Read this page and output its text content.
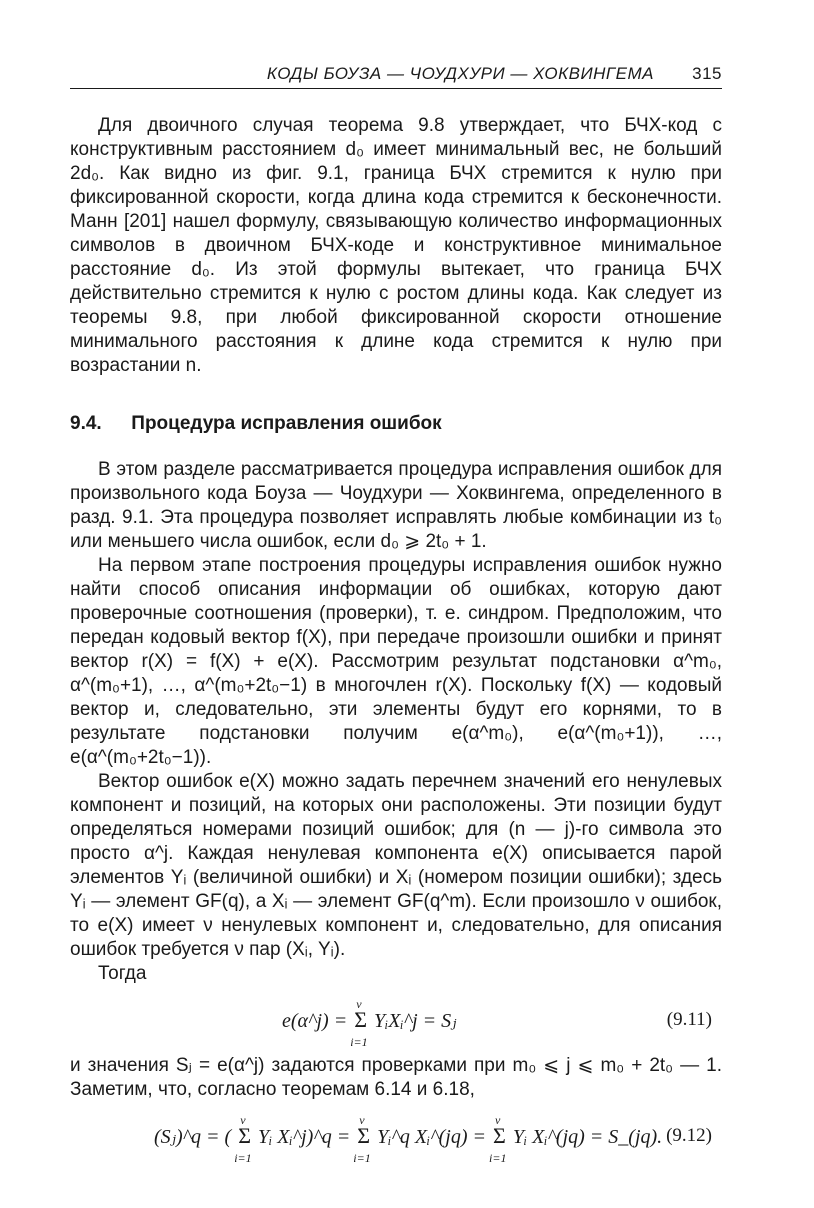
КОДЫ БОУЗА — ЧОУДХУРИ — ХОКВИНГЕМА 315

Для двоичного случая теорема 9.8 утверждает, что БЧХ-код с конструктивным расстоянием d₀ имеет минимальный вес, не больший 2d₀. Как видно из фиг. 9.1, граница БЧХ стремится к нулю при фиксированной скорости, когда длина кода стремится к бесконечности. Манн [201] нашел формулу, связывающую количество информационных символов в двоичном БЧХ-коде и конструктивное минимальное расстояние d₀. Из этой формулы вытекает, что граница БЧХ действительно стремится к нулю с ростом длины кода. Как следует из теоремы 9.8, при любой фиксированной скорости отношение минимального расстояния к длине кода стремится к нулю при возрастании n.

9.4. Процедура исправления ошибок

В этом разделе рассматривается процедура исправления ошибок для произвольного кода Боуза — Чоудхури — Хоквингема, определенного в разд. 9.1. Эта процедура позволяет исправлять любые комбинации из t₀ или меньшего числа ошибок, если d₀ ⩾ 2t₀ + 1.

На первом этапе построения процедуры исправления ошибок нужно найти способ описания информации об ошибках, которую дают проверочные соотношения (проверки), т. е. синдром. Предположим, что передан кодовый вектор f(X), при передаче произошли ошибки и принят вектор r(X) = f(X) + e(X). Рассмотрим результат подстановки α^m₀, α^(m₀+1), …, α^(m₀+2t₀−1) в многочлен r(X). Поскольку f(X) — кодовый вектор и, следовательно, эти элементы будут его корнями, то в результате подстановки получим e(α^m₀), e(α^(m₀+1)), …, e(α^(m₀+2t₀−1)).

Вектор ошибок e(X) можно задать перечнем значений его ненулевых компонент и позиций, на которых они расположены. Эти позиции будут определяться номерами позиций ошибок; для (n — j)-го символа это просто α^j. Каждая ненулевая компонента e(X) описывается парой элементов Yᵢ (величиной ошибки) и Xᵢ (номером позиции ошибки); здесь Yᵢ — элемент GF(q), а Xᵢ — элемент GF(q^m). Если произошло ν ошибок, то e(X) имеет ν ненулевых компонент и, следовательно, для описания ошибок требуется ν пар (Xᵢ, Yᵢ).

Тогда

e(α^j) = Σ
ν
i=1
YᵢXᵢ^j = Sⱼ	(9.11)

и значения Sⱼ = e(α^j) задаются проверками при m₀ ⩽ j ⩽ m₀ + 2t₀ — 1. Заметим, что, согласно теоремам 6.14 и 6.18,

(Sⱼ)^q = ( Σ
ν
i=1
Yᵢ Xᵢ^j)^q = Σ
ν
i=1
Yᵢ^q Xᵢ^(jq) = Σ
ν
i=1
Yᵢ Xᵢ^(jq) = S_(jq). (9.12)
